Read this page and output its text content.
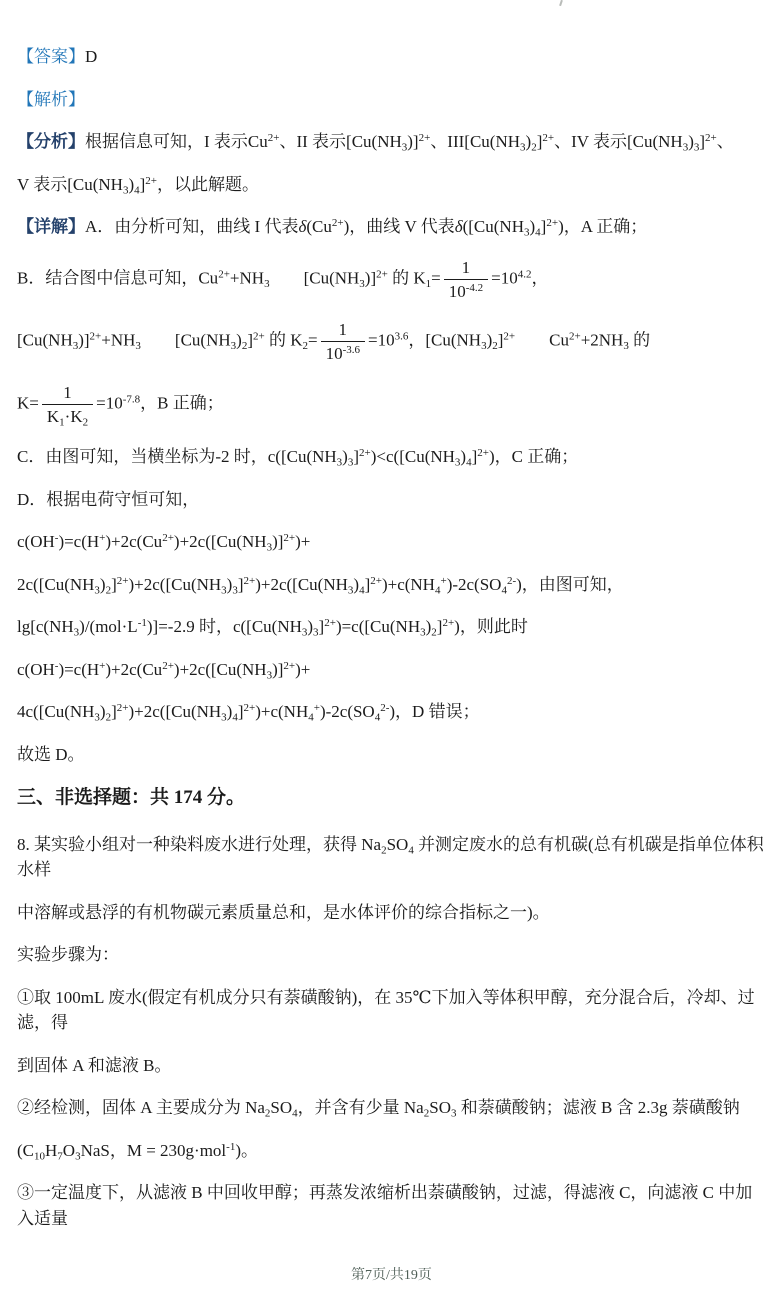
【答案】D
【解析】
【分析】根据信息可知，I 表示$Cu^{2+}$、II 表示$[Cu(NH_3)]^{2+}$、$III[Cu(NH_3)_2]^{2+}$、IV 表示$[Cu(NH_3)_3]^{2+}$、
V 表示$[Cu(NH_3)_4]^{2+}$，以此解题。
【详解】A．由分析可知，曲线 I 代表$\delta(Cu^{2+})$，曲线 V 代表$\delta([Cu(NH_3)_4]^{2+})$，A 正确；
B．结合图中信息可知，$Cu^{2+}+NH_3$　　 $[Cu(NH_3)]^{2+}$ 的 $K_1= \frac{1}{10^{-4.2}} =10^{4.2}$，
$[Cu(NH_3)]^{2+}+NH_3$　　 $[Cu(NH_3)_2]^{2+}$ 的 $K_2= \frac{1}{10^{-3.6}} =10^{3.6}$，$[Cu(NH_3)_2]^{2+}$　　$Cu^{2+}+2NH_3$ 的
$K= \frac{1}{K_1\cdot K_2} =10^{-7.8}$，B 正确；
C．由图可知，当横坐标为-2 时，$c([Cu(NH_3)_3]^{2+})<c([Cu(NH_3)_4]^{2+})$，C 正确；
D．根据电荷守恒可知，
$c(OH^-)=c(H^+)+2c(Cu^{2+})+2c([Cu(NH_3)]^{2+})+$
$2c([Cu(NH_3)_2]^{2+})+2c([Cu(NH_3)_3]^{2+})+2c([Cu(NH_3)_4]^{2+})+c(NH_4^+)-2c(SO_4^{2-})$，由图可知，
$\lg[c(NH_3)/(mol\cdot L^{-1})]=-2.9$ 时，$c([Cu(NH_3)_3]^{2+})=c([Cu(NH_3)_2]^{2+})$，则此时
$c(OH^-)=c(H^+)+2c(Cu^{2+})+2c([Cu(NH_3)]^{2+})+$
$4c([Cu(NH_3)_2]^{2+})+2c([Cu(NH_3)_4]^{2+})+c(NH_4^+)-2c(SO_4^{2-})$，D 错误；
故选 D。
三、非选择题：共 174 分。
8. 某实验小组对一种染料废水进行处理，获得 $Na_2SO_4$ 并测定废水的总有机碳(总有机碳是指单位体积水样
中溶解或悬浮的有机物碳元素质量总和，是水体评价的综合指标之一)。
实验步骤为：
①取 100mL 废水(假定有机成分只有萘磺酸钠)，在 35℃下加入等体积甲醇，充分混合后，冷却、过滤，得
到固体 A 和滤液 B。
②经检测，固体 A 主要成分为 $Na_2SO_4$，并含有少量 $Na_2SO_3$ 和萘磺酸钠；滤液 B 含 2.3g 萘磺酸钠
($C_{10}H_7O_3NaS$，M = 230g·mol$^{-1}$)。
③一定温度下，从滤液 B 中回收甲醇；再蒸发浓缩析出萘磺酸钠，过滤，得滤液 C，向滤液 C 中加入适量
第7页/共19页
